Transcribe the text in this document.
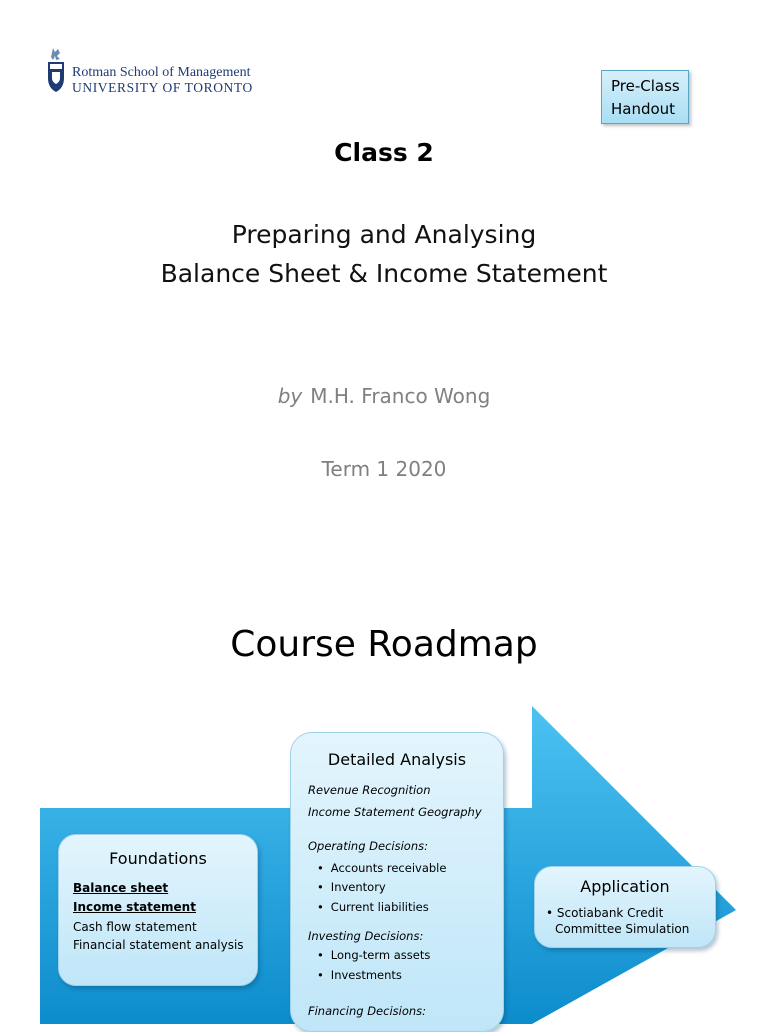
Rotman School of Management
UNIVERSITY OF TORONTO	Pre-Class
Handout
Class 2
Preparing and Analysing
Balance Sheet & Income Statement
by M.H. Franco Wong
Term 1 2020
Course Roadmap
Foundations
Balance sheet
Income statement
Cash flow statement
Financial statement analysis
Detailed Analysis
Revenue Recognition
Income Statement Geography
Operating Decisions:
• Accounts receivable
• Inventory
• Current liabilities
Investing Decisions:
• Long-term assets
• Investments
Financing Decisions:
Application
• Scotiabank Credit
Committee Simulation
